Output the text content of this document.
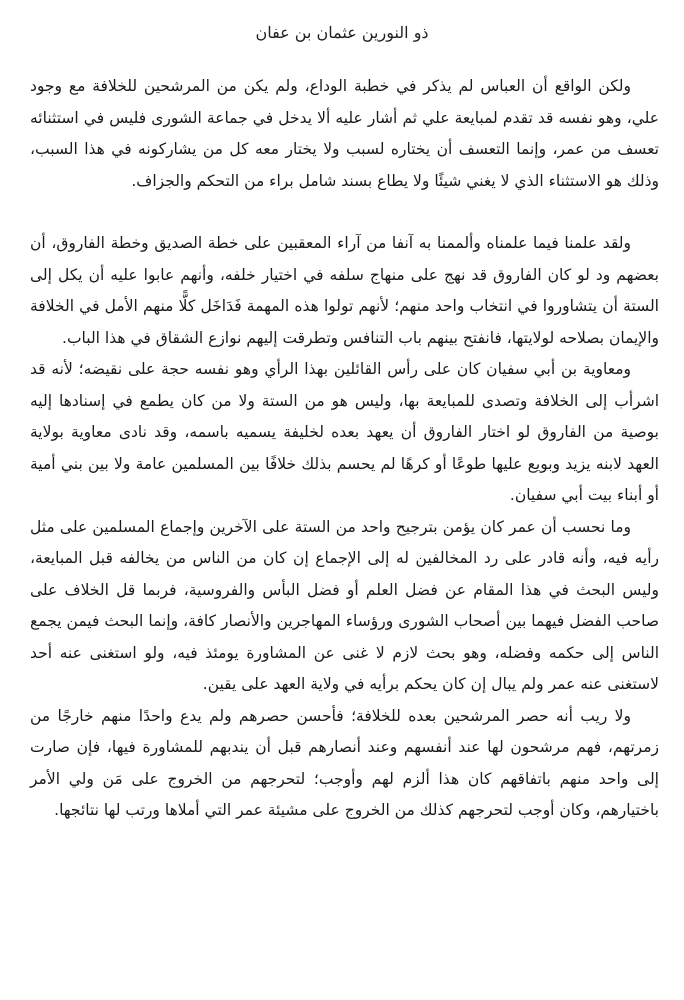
ذو النورين عثمان بن عفان

ولكن الواقع أن العباس لم يذكر في خطبة الوداع، ولم يكن من المرشحين للخلافة مع وجود علي، وهو نفسه قد تقدم لمبايعة علي ثم أشار عليه ألا يدخل في جماعة الشورى فليس في استثنائه تعسف من عمر، وإنما التعسف أن يختاره لسبب ولا يختار معه كل من يشاركونه في هذا السبب، وذلك هو الاستثناء الذي لا يغني شيئًا ولا يطاع بسند شامل براء من التحكم والجزاف.

ولقد علمنا فيما علمناه وألممنا به آنفا من آراء المعقبين على خطة الصديق وخطة الفاروق، أن بعضهم ود لو كان الفاروق قد نهج على منهاج سلفه في اختيار خلفه، وأنهم عابوا عليه أن يكل إلى الستة أن يتشاوروا في انتخاب واحد منهم؛ لأنهم تولوا هذه المهمة فَدَاخَل كلًّا منهم الأمل في الخلافة والإيمان بصلاحه لولايتها، فانفتح بينهم باب التنافس وتطرقت إليهم نوازع الشقاق في هذا الباب.

ومعاوية بن أبي سفيان كان على رأس القائلين بهذا الرأي وهو نفسه حجة على نقيضه؛ لأنه قد اشرأب إلى الخلافة وتصدى للمبايعة بها، وليس هو من الستة ولا من كان يطمع في إسنادها إليه بوصية من الفاروق لو اختار الفاروق أن يعهد بعده لخليفة يسميه باسمه، وقد نادى معاوية بولاية العهد لابنه يزيد وبويع عليها طوعًا أو كرهًا لم يحسم بذلك خلافًا بين المسلمين عامة ولا بين بني أمية أو أبناء بيت أبي سفيان.

وما نحسب أن عمر كان يؤمن بترجيح واحد من الستة على الآخرين وإجماع المسلمين على مثل رأيه فيه، وأنه قادر على رد المخالفين له إلى الإجماع إن كان من الناس من يخالفه قبل المبايعة، وليس البحث في هذا المقام عن فضل العلم أو فضل البأس والفروسية، فربما قل الخلاف على صاحب الفضل فيهما بين أصحاب الشورى ورؤساء المهاجرين والأنصار كافة، وإنما البحث فيمن يجمع الناس إلى حكمه وفضله، وهو بحث لازم لا غنى عن المشاورة يومئذ فيه، ولو استغنى عنه أحد لاستغنى عنه عمر ولم يبال إن كان يحكم برأيه في ولاية العهد على يقين.

ولا ريب أنه حصر المرشحين بعده للخلافة؛ فأحسن حصرهم ولم يدع واحدًا منهم خارجًا من زمرتهم، فهم مرشحون لها عند أنفسهم وعند أنصارهم قبل أن يندبهم للمشاورة فيها، فإن صارت إلى واحد منهم باتفاقهم كان هذا ألزم لهم وأوجب؛ لتحرجهم من الخروج على مَن ولي الأمر باختيارهم، وكان أوجب لتحرجهم كذلك من الخروج على مشيئة عمر التي أملاها ورتب لها نتائجها.
